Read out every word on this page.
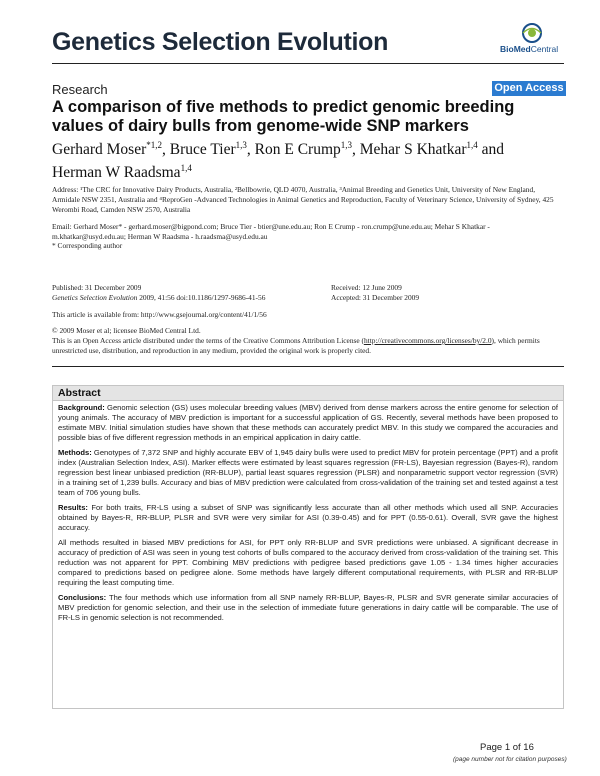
Genetics Selection Evolution	BioMedCentral
Research	Open Access
A comparison of five methods to predict genomic breeding values of dairy bulls from genome-wide SNP markers
Gerhard Moser$^{*1,2}$, Bruce Tier$^{1,3}$, Ron E Crump$^{1,3}$, Mehar S Khatkar$^{1,4}$ and Herman W Raadsma$^{1,4}$
Address: ¹The CRC for Innovative Dairy Products, Australia, ²Bellbowrie, QLD 4070, Australia, ³Animal Breeding and Genetics Unit, University of New England, Armidale NSW 2351, Australia and ⁴ReproGen -Advanced Technologies in Animal Genetics and Reproduction, Faculty of Veterinary Science, University of Sydney, 425 Werombi Road, Camden NSW 2570, Australia
Email: Gerhard Moser* - gerhard.moser@bigpond.com; Bruce Tier - btier@une.edu.au; Ron E Crump - ron.crump@une.edu.au; Mehar S Khatkar - m.khatkar@usyd.edu.au; Herman W Raadsma - h.raadsma@usyd.edu.au
* Corresponding author
Published: 31 December 2009
Genetics Selection Evolution 2009, 41:56 doi:10.1186/1297-9686-41-56
Received: 12 June 2009
Accepted: 31 December 2009
This article is available from: http://www.gsejournal.org/content/41/1/56
© 2009 Moser et al; licensee BioMed Central Ltd.
This is an Open Access article distributed under the terms of the Creative Commons Attribution License (http://creativecommons.org/licenses/by/2.0), which permits unrestricted use, distribution, and reproduction in any medium, provided the original work is properly cited.
Abstract

Background: Genomic selection (GS) uses molecular breeding values (MBV) derived from dense markers across the entire genome for selection of young animals. The accuracy of MBV prediction is important for a successful application of GS. Recently, several methods have been proposed to estimate MBV. Initial simulation studies have shown that these methods can accurately predict MBV. In this study we compared the accuracies and possible bias of five different regression methods in an empirical application in dairy cattle.

Methods: Genotypes of 7,372 SNP and highly accurate EBV of 1,945 dairy bulls were used to predict MBV for protein percentage (PPT) and a profit index (Australian Selection Index, ASI). Marker effects were estimated by least squares regression (FR-LS), Bayesian regression (Bayes-R), random regression best linear unbiased prediction (RR-BLUP), partial least squares regression (PLSR) and nonparametric support vector regression (SVR) in a training set of 1,239 bulls. Accuracy and bias of MBV prediction were calculated from cross-validation of the training set and tested against a test team of 706 young bulls.

Results: For both traits, FR-LS using a subset of SNP was significantly less accurate than all other methods which used all SNP. Accuracies obtained by Bayes-R, RR-BLUP, PLSR and SVR were very similar for ASI (0.39-0.45) and for PPT (0.55-0.61). Overall, SVR gave the highest accuracy.

All methods resulted in biased MBV predictions for ASI, for PPT only RR-BLUP and SVR predictions were unbiased. A significant decrease in accuracy of prediction of ASI was seen in young test cohorts of bulls compared to the accuracy derived from cross-validation of the training set. This reduction was not apparent for PPT. Combining MBV predictions with pedigree based predictions gave 1.05 - 1.34 times higher accuracies compared to predictions based on pedigree alone. Some methods have largely different computational requirements, with PLSR and RR-BLUP requiring the least computing time.

Conclusions: The four methods which use information from all SNP namely RR-BLUP, Bayes-R, PLSR and SVR generate similar accuracies of MBV prediction for genomic selection, and their use in the selection of immediate future generations in dairy cattle will be comparable. The use of FR-LS in genomic selection is not recommended.

Page 1 of 16
(page number not for citation purposes)
